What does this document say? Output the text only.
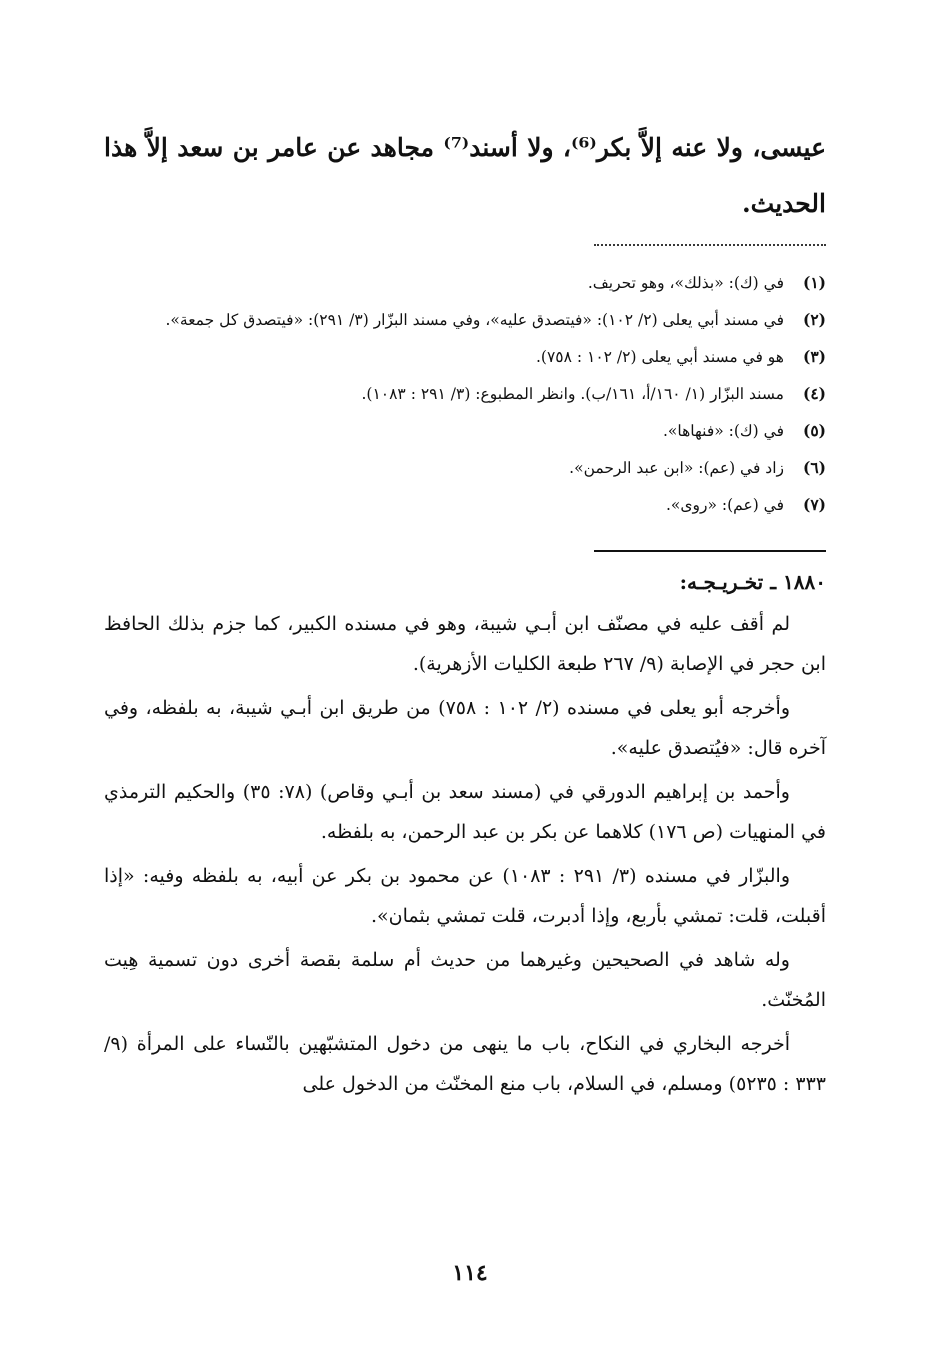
عيسى، ولا عنه إلاَّ بكر⁽⁶⁾، ولا أسند⁽⁷⁾ مجاهد عن عامر بن سعد إلاَّ هذا الحديث.

(١)
في (ك): «بذلك»، وهو تحريف.
(٢)
في مسند أبي يعلى (٢/ ١٠٢): «فيتصدق عليه»، وفي مسند البزّار (٣/ ٢٩١): «فيتصدق كل جمعة».
(٣)
هو في مسند أبي يعلى (٢/ ١٠٢ : ٧٥٨).
(٤)
مسند البزّار (١/ ١٦٠/أ، ١٦١/ب). وانظر المطبوع: (٣/ ٢٩١ : ١٠٨٣).
(٥)
في (ك): «فنهاها».
(٦)
زاد في (عم): «ابن عبد الرحمن».
(٧)
في (عم): «روى».
١٨٨٠ ـ تخـريـجـه:

لم أقف عليه في مصنّف ابن أبـي شيبة، وهو في مسنده الكبير، كما جزم بذلك الحافظ ابن حجر في الإصابة (٩/ ٢٦٧ طبعة الكليات الأزهرية).

وأخرجه أبو يعلى في مسنده (٢/ ١٠٢ : ٧٥٨) من طريق ابن أبـي شيبة، به بلفظه، وفي آخره قال: «فيُتصدق عليه».

وأحمد بن إبراهيم الدورقي في (مسند سعد بن أبـي وقاص) (٧٨: ٣٥) والحكيم الترمذي في المنهيات (ص ١٧٦) كلاهما عن بكر بن عبد الرحمن، به بلفظه.

والبزّار في مسنده (٣/ ٢٩١ : ١٠٨٣) عن محمود بن بكر عن أبيه، به بلفظه وفيه: «إذا أقبلت، قلت: تمشي بأربع، وإذا أدبرت، قلت تمشي بثمان».

وله شاهد في الصحيحين وغيرهما من حديث أم سلمة بقصة أخرى دون تسمية هِيت المُخنّث.

أخرجه البخاري في النكاح، باب ما ينهى من دخول المتشبّهين بالنّساء على المرأة (٩/ ٣٣٣ : ٥٢٣٥) ومسلم، في السلام، باب منع المخنّث من الدخول على

١١٤
